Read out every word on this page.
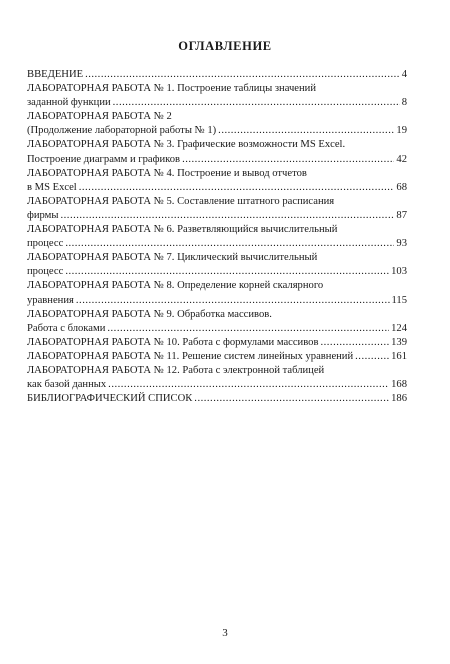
ОГЛАВЛЕНИЕ
ВВЕДЕНИЕ .....	4
ЛАБОРАТОРНАЯ РАБОТА № 1. Построение таблицы значений
заданной функции .....	8
ЛАБОРАТОРНАЯ РАБОТА № 2
(Продолжение лабораторной работы № 1) .....	19
ЛАБОРАТОРНАЯ РАБОТА № 3. Графические возможности MS Excel.
Построение диаграмм и графиков .....	42
ЛАБОРАТОРНАЯ РАБОТА № 4. Построение и вывод отчетов
в MS Excel .....	68
ЛАБОРАТОРНАЯ РАБОТА № 5. Составление штатного расписания
фирмы .....	87
ЛАБОРАТОРНАЯ РАБОТА № 6. Разветвляющийся вычислительный
процесс .....	93
ЛАБОРАТОРНАЯ РАБОТА № 7. Циклический вычислительный
процесс .....	103
ЛАБОРАТОРНАЯ РАБОТА № 8. Определение корней скалярного
уравнения .....	115
ЛАБОРАТОРНАЯ РАБОТА № 9. Обработка массивов.
Работа с блоками .....	124
ЛАБОРАТОРНАЯ РАБОТА № 10. Работа с формулами массивов .....	139
ЛАБОРАТОРНАЯ РАБОТА № 11. Решение систем линейных уравнений .....	161
ЛАБОРАТОРНАЯ РАБОТА № 12. Работа с электронной таблицей
как базой данных .....	168
БИБЛИОГРАФИЧЕСКИЙ СПИСОК .....	186
3
